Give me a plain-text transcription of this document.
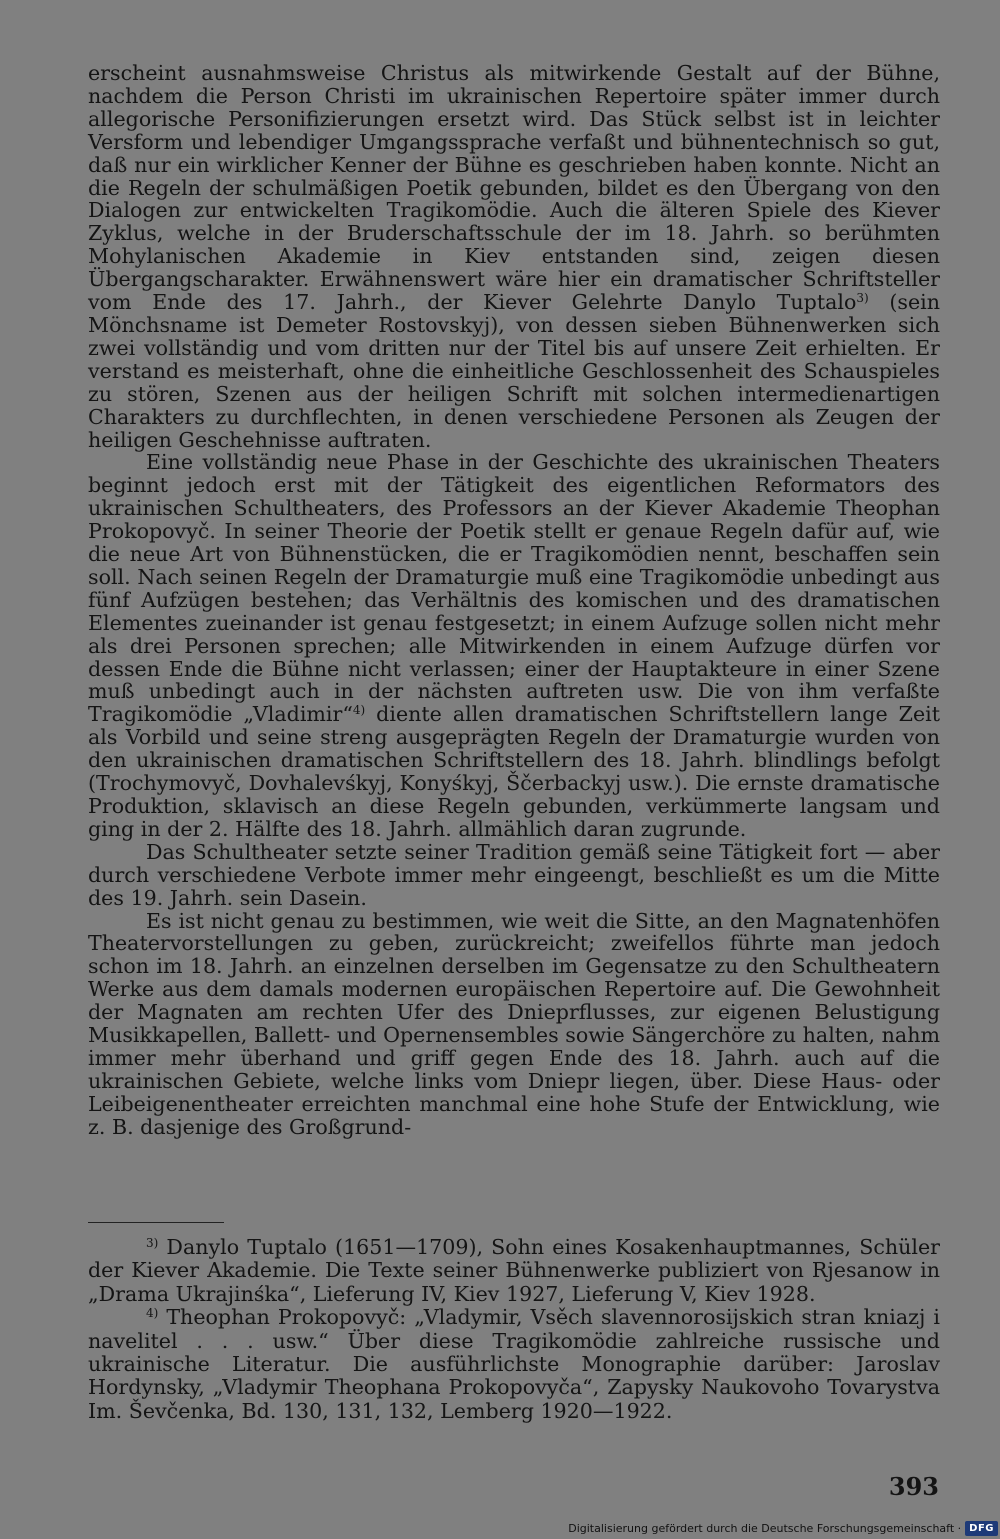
erscheint ausnahmsweise Christus als mitwirkende Gestalt auf der Bühne, nachdem die Person Christi im ukrainischen Repertoire später immer durch allegorische Personifizierungen ersetzt wird. Das Stück selbst ist in leichter Versform und lebendiger Umgangssprache verfaßt und bühnentechnisch so gut, daß nur ein wirklicher Kenner der Bühne es geschrieben haben konnte. Nicht an die Regeln der schulmäßigen Poetik gebunden, bildet es den Übergang von den Dialogen zur entwickelten Tragikomödie. Auch die älteren Spiele des Kiever Zyklus, welche in der Bruderschaftsschule der im 18. Jahrh. so berühmten Mohylanischen Akademie in Kiev entstanden sind, zeigen diesen Übergangscharakter. Erwähnenswert wäre hier ein dramatischer Schriftsteller vom Ende des 17. Jahrh., der Kiever Gelehrte Danylo Tuptalo$^{3)}$ (sein Mönchsname ist Demeter Rostovskyj), von dessen sieben Bühnenwerken sich zwei vollständig und vom dritten nur der Titel bis auf unsere Zeit erhielten. Er verstand es meisterhaft, ohne die einheitliche Geschlossenheit des Schauspieles zu stören, Szenen aus der heiligen Schrift mit solchen intermedienartigen Charakters zu durchflechten, in denen verschiedene Personen als Zeugen der heiligen Geschehnisse auftraten.

Eine vollständig neue Phase in der Geschichte des ukrainischen Theaters beginnt jedoch erst mit der Tätigkeit des eigentlichen Reformators des ukrainischen Schultheaters, des Professors an der Kiever Akademie Theophan Prokopovyč. In seiner Theorie der Poetik stellt er genaue Regeln dafür auf, wie die neue Art von Bühnenstücken, die er Tragikomödien nennt, beschaffen sein soll. Nach seinen Regeln der Dramaturgie muß eine Tragikomödie unbedingt aus fünf Aufzügen bestehen; das Verhältnis des komischen und des dramatischen Elementes zueinander ist genau festgesetzt; in einem Aufzuge sollen nicht mehr als drei Personen sprechen; alle Mitwirkenden in einem Aufzuge dürfen vor dessen Ende die Bühne nicht verlassen; einer der Hauptakteure in einer Szene muß unbedingt auch in der nächsten auftreten usw. Die von ihm verfaßte Tragikomödie „Vladimir“$^{4)}$ diente allen dramatischen Schriftstellern lange Zeit als Vorbild und seine streng ausgeprägten Regeln der Dramaturgie wurden von den ukrainischen dramatischen Schriftstellern des 18. Jahrh. blindlings befolgt (Trochymovyč, Dovhalevśkyj, Konyśkyj, Ščerbackyj usw.). Die ernste dramatische Produktion, sklavisch an diese Regeln gebunden, verkümmerte langsam und ging in der 2. Hälfte des 18. Jahrh. allmählich daran zugrunde.

Das Schultheater setzte seiner Tradition gemäß seine Tätigkeit fort — aber durch verschiedene Verbote immer mehr eingeengt, beschließt es um die Mitte des 19. Jahrh. sein Dasein.

Es ist nicht genau zu bestimmen, wie weit die Sitte, an den Magnatenhöfen Theatervorstellungen zu geben, zurückreicht; zweifellos führte man jedoch schon im 18. Jahrh. an einzelnen derselben im Gegensatze zu den Schultheatern Werke aus dem damals modernen europäischen Repertoire auf. Die Gewohnheit der Magnaten am rechten Ufer des Dnieprflusses, zur eigenen Belustigung Musikkapellen, Ballett- und Opernensembles sowie Sängerchöre zu halten, nahm immer mehr überhand und griff gegen Ende des 18. Jahrh. auch auf die ukrainischen Gebiete, welche links vom Dniepr liegen, über. Diese Haus- oder Leibeigenentheater erreichten manchmal eine hohe Stufe der Entwicklung, wie z. B. dasjenige des Großgrund-

$^{3)}$ Danylo Tuptalo (1651—1709), Sohn eines Kosakenhauptmannes, Schüler der Kiever Akademie. Die Texte seiner Bühnenwerke publiziert von Rjesanow in „Drama Ukrajinśka“, Lieferung IV, Kiev 1927, Lieferung V, Kiev 1928.

$^{4)}$ Theophan Prokopovyč: „Vladymir, Vsěch slavennorosijskich stran kniazj i navelitel . . . usw.“ Über diese Tragikomödie zahlreiche russische und ukrainische Literatur. Die ausführlichste Monographie darüber: Jaroslav Hordynsky, „Vladymir Theophana Prokopovyča“, Zapysky Naukovoho Tovarystva Im. Ševčenka, Bd. 130, 131, 132, Lemberg 1920—1922.

393
Digitalisierung gefördert durch die Deutsche Forschungsgemeinschaft · DFG
